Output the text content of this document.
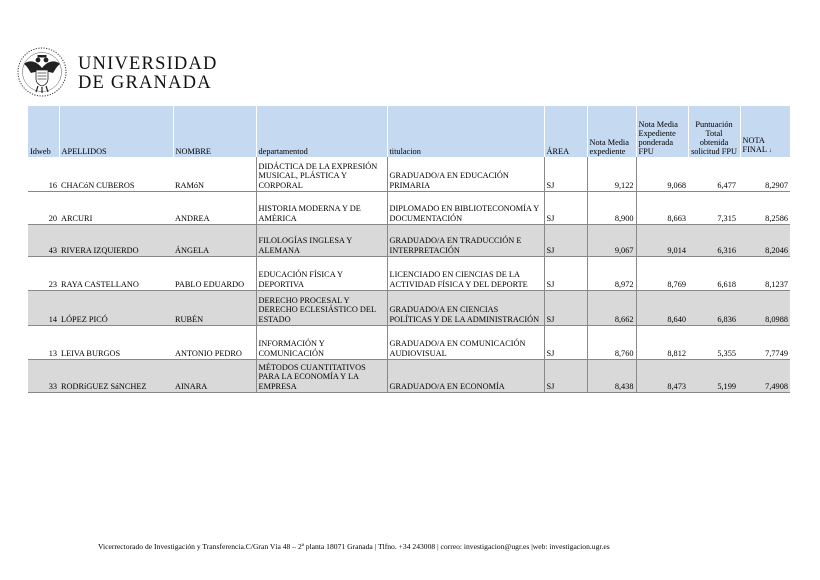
UNIVERSIDAD
DE GRANADA
Idweb	APELLIDOS	NOMBRE	departamentod	titulacion	ÁREA	Nota Media expediente	Nota Media Expediente ponderada FPU	Puntuación Total obtenida solicitud FPU	NOTA FINAL ↓
16	CHACóN CUBEROS	RAMóN	DIDÁCTICA DE LA EXPRESIÓN MUSICAL, PLÁSTICA Y CORPORAL	GRADUADO/A EN EDUCACIÓN PRIMARIA	SJ	9,122	9,068	6,477	8,2907
20	ARCURI	ANDREA	HISTORIA MODERNA Y DE AMÉRICA	DIPLOMADO EN BIBLIOTECONOMÍA Y DOCUMENTACIÓN	SJ	8,900	8,663	7,315	8,2586
43	RIVERA IZQUIERDO	ÁNGELA	FILOLOGÍAS INGLESA Y ALEMANA	GRADUADO/A EN TRADUCCIÓN E INTERPRETACIÓN	SJ	9,067	9,014	6,316	8,2046
23	RAYA CASTELLANO	PABLO EDUARDO	EDUCACIÓN FÍSICA Y DEPORTIVA	LICENCIADO EN CIENCIAS DE LA ACTIVIDAD FÍSICA Y DEL DEPORTE	SJ	8,972	8,769	6,618	8,1237
14	LÓPEZ PICÓ	RUBÉN	DERECHO PROCESAL Y DERECHO ECLESIÁSTICO DEL ESTADO	GRADUADO/A EN CIENCIAS POLÍTICAS Y DE LA ADMINISTRACIÓN	SJ	8,662	8,640	6,836	8,0988
13	LEIVA BURGOS	ANTONIO PEDRO	INFORMACIÓN Y COMUNICACIÓN	GRADUADO/A EN COMUNICACIÓN AUDIOVISUAL	SJ	8,760	8,812	5,355	7,7749
33	RODRíGUEZ SáNCHEZ	AINARA	MÉTODOS CUANTITATIVOS PARA LA ECONOMÍA Y LA EMPRESA	GRADUADO/A EN ECONOMÍA	SJ	8,438	8,473	5,199	7,4908
Vicerrectorado de Investigación y Transferencia.C/Gran Vía 48 – 2ª planta 18071 Granada | Tlfno. +34 243008 | correo: investigacion@ugr.es |web: investigacion.ugr.es
